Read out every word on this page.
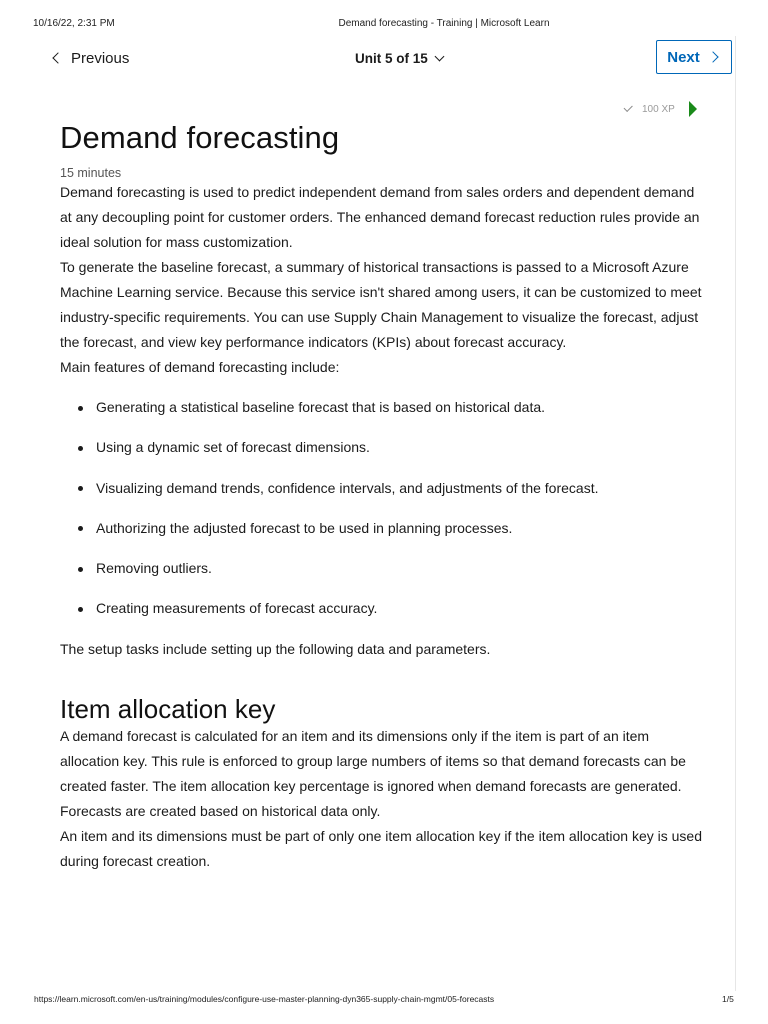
10/16/22, 2:31 PM	Demand forecasting - Training | Microsoft Learn
Previous	Unit 5 of 15	Next
100 XP
Demand forecasting
15 minutes

Demand forecasting is used to predict independent demand from sales orders and dependent demand at any decoupling point for customer orders. The enhanced demand forecast reduction rules provide an ideal solution for mass customization.

To generate the baseline forecast, a summary of historical transactions is passed to a Microsoft Azure Machine Learning service. Because this service isn't shared among users, it can be customized to meet industry-specific requirements. You can use Supply Chain Management to visualize the forecast, adjust the forecast, and view key performance indicators (KPIs) about forecast accuracy.

Main features of demand forecasting include:

Generating a statistical baseline forecast that is based on historical data.
Using a dynamic set of forecast dimensions.
Visualizing demand trends, confidence intervals, and adjustments of the forecast.
Authorizing the adjusted forecast to be used in planning processes.
Removing outliers.
Creating measurements of forecast accuracy.

The setup tasks include setting up the following data and parameters.

Item allocation key

A demand forecast is calculated for an item and its dimensions only if the item is part of an item allocation key. This rule is enforced to group large numbers of items so that demand forecasts can be created faster. The item allocation key percentage is ignored when demand forecasts are generated. Forecasts are created based on historical data only.

An item and its dimensions must be part of only one item allocation key if the item allocation key is used during forecast creation.

https://learn.microsoft.com/en-us/training/modules/configure-use-master-planning-dyn365-supply-chain-mgmt/05-forecasts	1/5
